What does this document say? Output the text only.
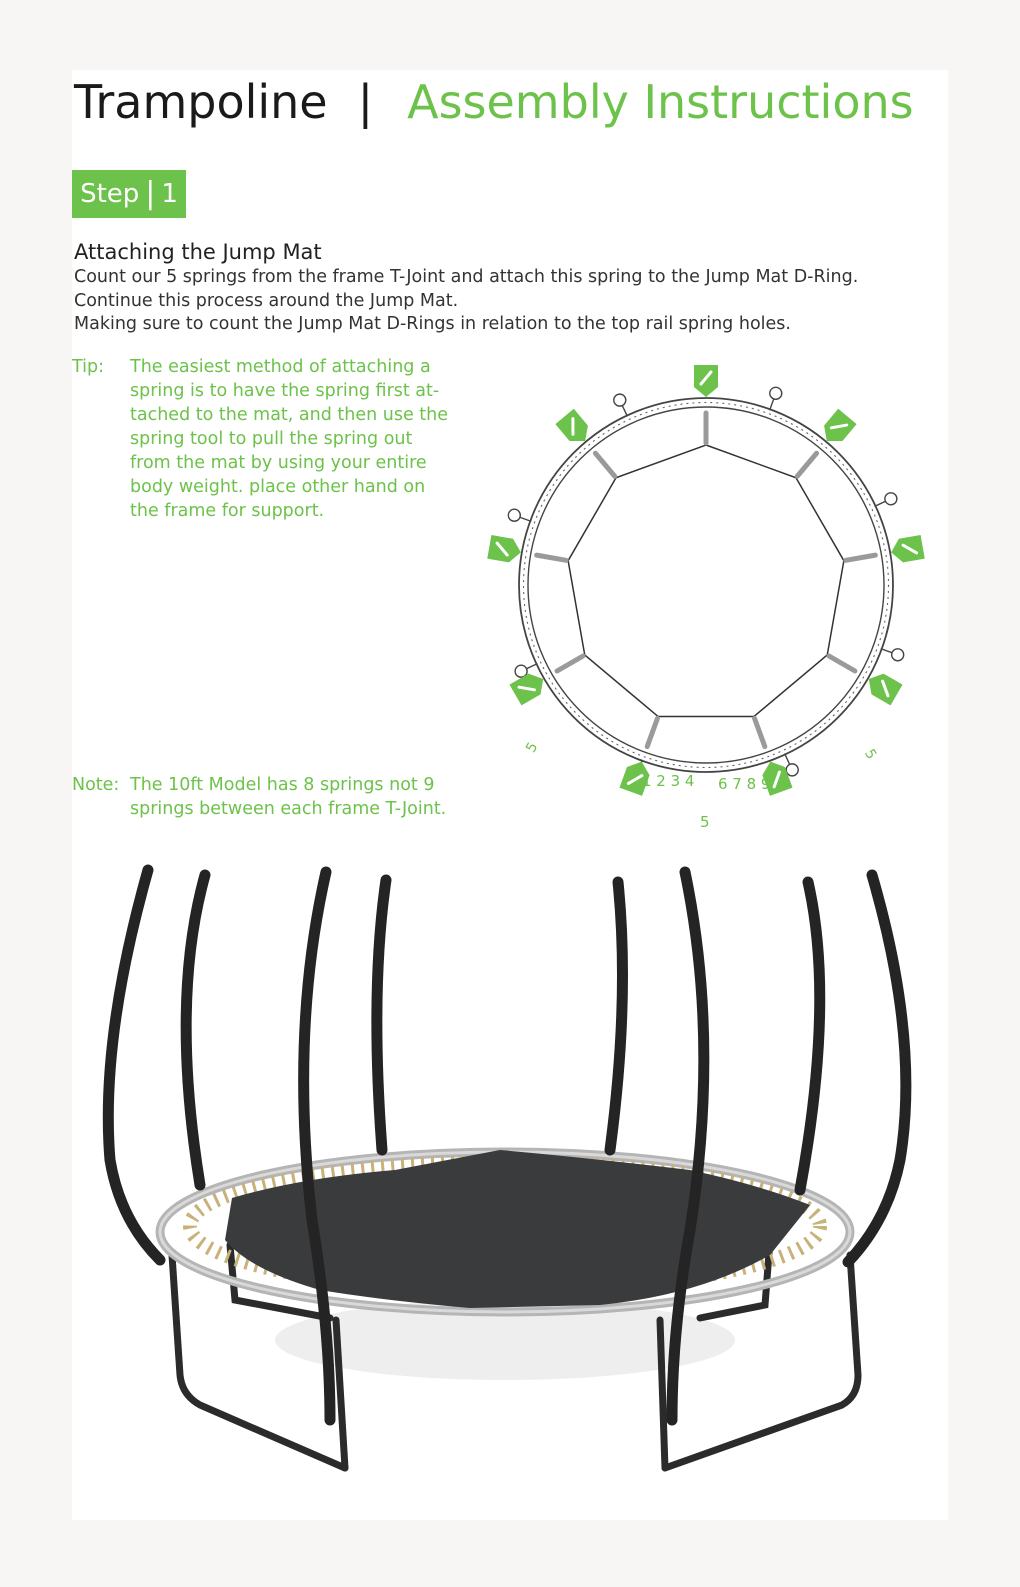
Trampoline | Assembly Instructions
Step | 1
Attaching the Jump Mat
Count our 5 springs from the frame T-Joint and attach this spring to the Jump Mat D-Ring.
Continue this process around the Jump Mat.
Making sure to count the Jump Mat D-Rings in relation to the top rail spring holes.
Tip: The easiest method of attaching a
spring is to have the spring first at-
tached to the mat, and then use the
spring tool to pull the spring out
from the mat by using your entire
body weight. place other hand on
the frame for support.
Note: The 10ft Model has 8 springs not 9
springs between each frame T-Joint.
1 2 3 4 6 7 8 9
5
5	5
